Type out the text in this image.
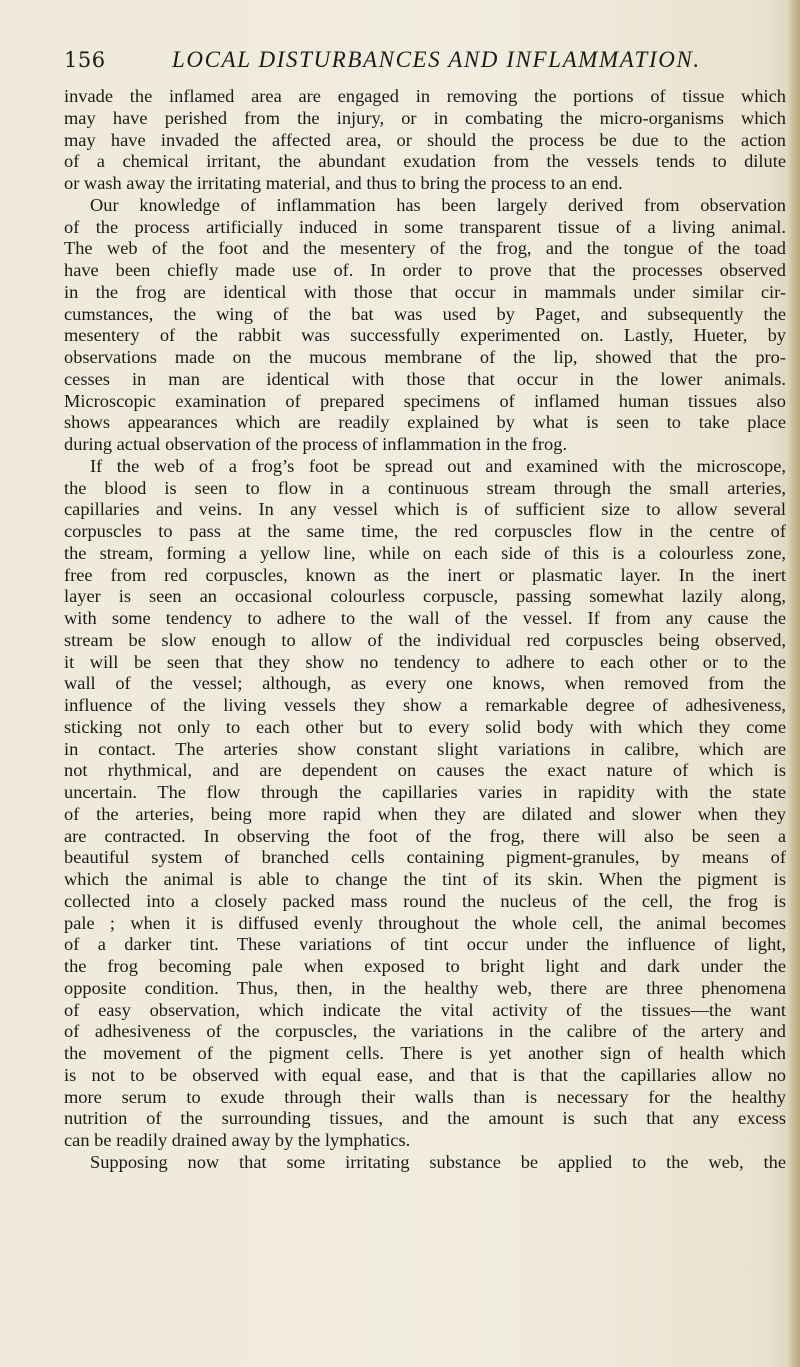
156	LOCAL DISTURBANCES AND INFLAMMATION.
invade the inflamed area are engaged in removing the portions of tissue which
may have perished from the injury, or in combating the micro-organisms which
may have invaded the affected area, or should the process be due to the action
of a chemical irritant, the abundant exudation from the vessels tends to dilute
or wash away the irritating material, and thus to bring the process to an end.
Our knowledge of inflammation has been largely derived from observation
of the process artificially induced in some transparent tissue of a living animal.
The web of the foot and the mesentery of the frog, and the tongue of the toad
have been chiefly made use of. In order to prove that the processes observed
in the frog are identical with those that occur in mammals under similar cir-
cumstances, the wing of the bat was used by Paget, and subsequently the
mesentery of the rabbit was successfully experimented on. Lastly, Hueter, by
observations made on the mucous membrane of the lip, showed that the pro-
cesses in man are identical with those that occur in the lower animals.
Microscopic examination of prepared specimens of inflamed human tissues also
shows appearances which are readily explained by what is seen to take place
during actual observation of the process of inflammation in the frog.
If the web of a frog’s foot be spread out and examined with the microscope,
the blood is seen to flow in a continuous stream through the small arteries,
capillaries and veins. In any vessel which is of sufficient size to allow several
corpuscles to pass at the same time, the red corpuscles flow in the centre of
the stream, forming a yellow line, while on each side of this is a colourless zone,
free from red corpuscles, known as the inert or plasmatic layer. In the inert
layer is seen an occasional colourless corpuscle, passing somewhat lazily along,
with some tendency to adhere to the wall of the vessel. If from any cause the
stream be slow enough to allow of the individual red corpuscles being observed,
it will be seen that they show no tendency to adhere to each other or to the
wall of the vessel; although, as every one knows, when removed from the
influence of the living vessels they show a remarkable degree of adhesiveness,
sticking not only to each other but to every solid body with which they come
in contact. The arteries show constant slight variations in calibre, which are
not rhythmical, and are dependent on causes the exact nature of which is
uncertain. The flow through the capillaries varies in rapidity with the state
of the arteries, being more rapid when they are dilated and slower when they
are contracted. In observing the foot of the frog, there will also be seen a
beautiful system of branched cells containing pigment-granules, by means of
which the animal is able to change the tint of its skin. When the pigment is
collected into a closely packed mass round the nucleus of the cell, the frog is
pale ; when it is diffused evenly throughout the whole cell, the animal becomes
of a darker tint. These variations of tint occur under the influence of light,
the frog becoming pale when exposed to bright light and dark under the
opposite condition. Thus, then, in the healthy web, there are three phenomena
of easy observation, which indicate the vital activity of the tissues—the want
of adhesiveness of the corpuscles, the variations in the calibre of the artery and
the movement of the pigment cells. There is yet another sign of health which
is not to be observed with equal ease, and that is that the capillaries allow no
more serum to exude through their walls than is necessary for the healthy
nutrition of the surrounding tissues, and the amount is such that any excess
can be readily drained away by the lymphatics.
Supposing now that some irritating substance be applied to the web, the
